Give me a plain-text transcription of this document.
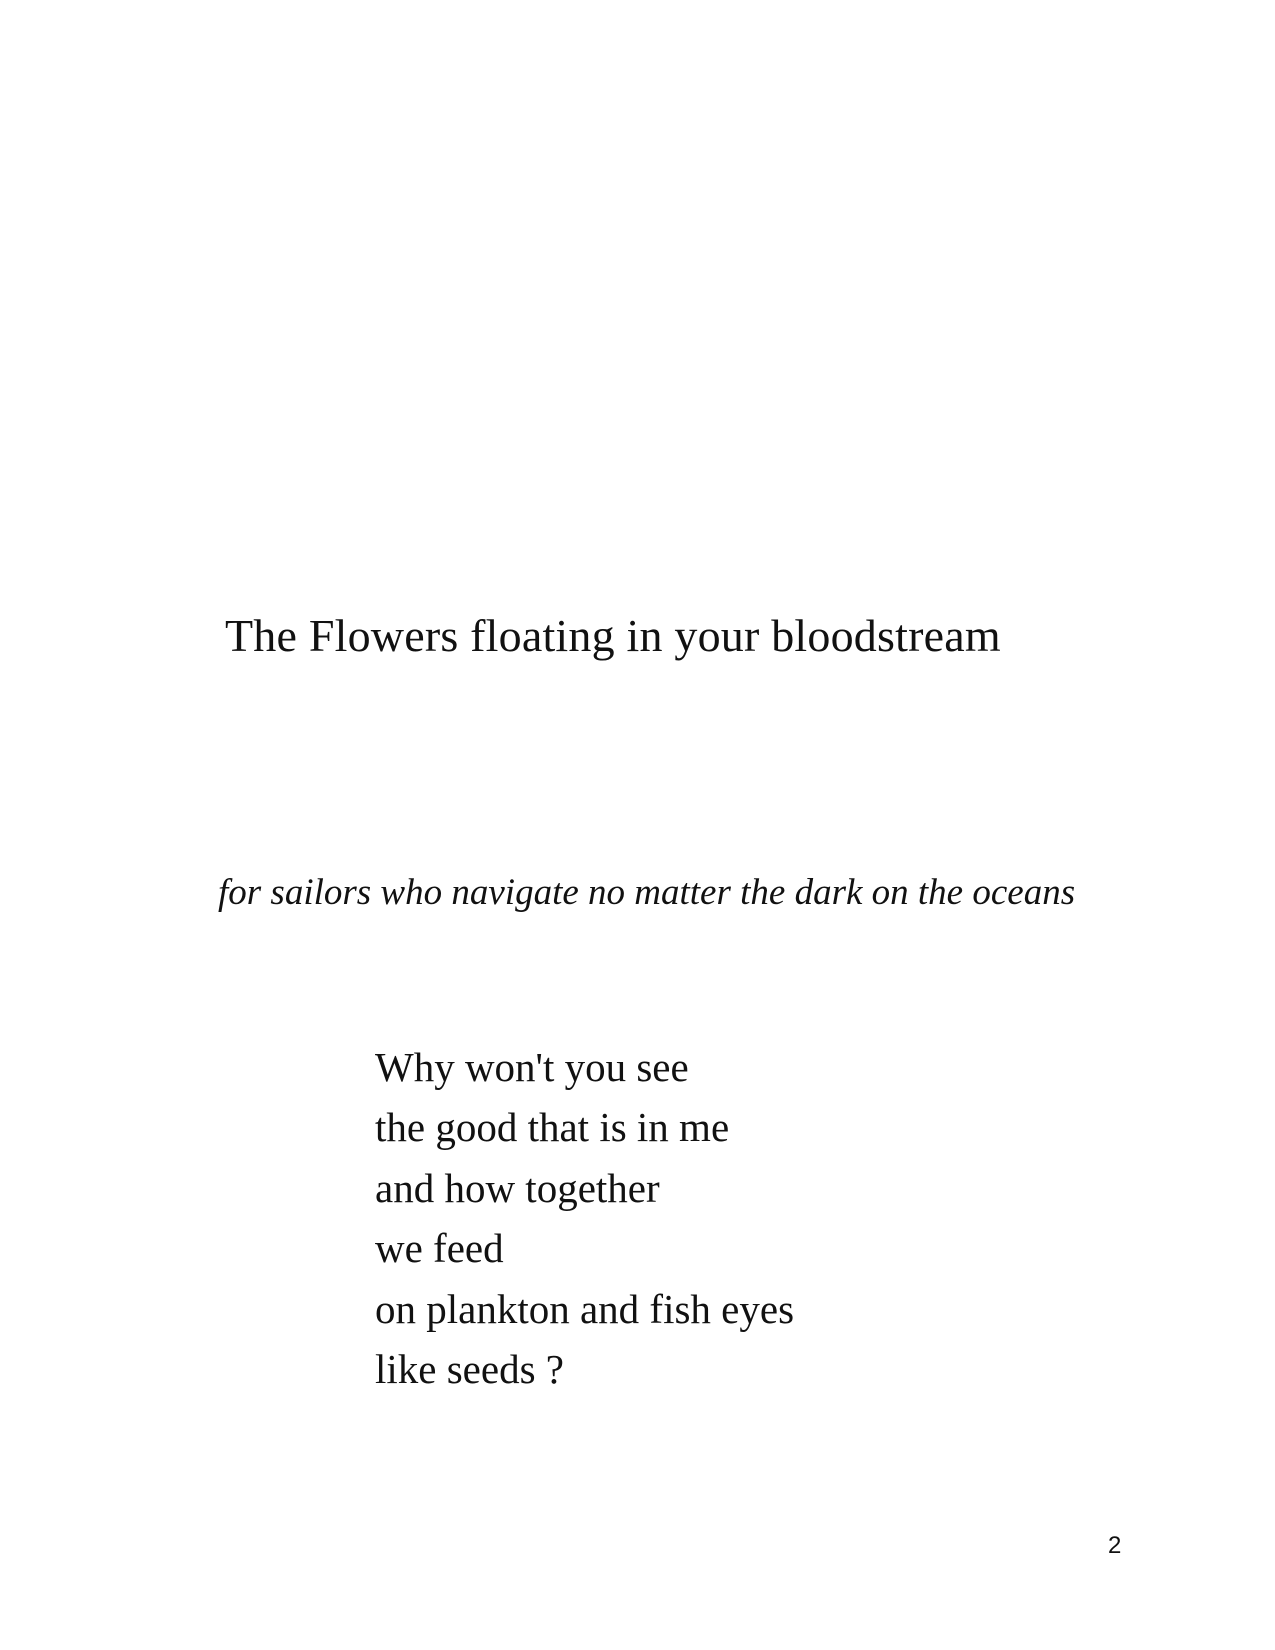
The Flowers floating in your bloodstream
for sailors who navigate no matter the dark on the oceans
Why won't you see
the good that is in me
and how together
we feed
on plankton and fish eyes
like seeds ?
2
